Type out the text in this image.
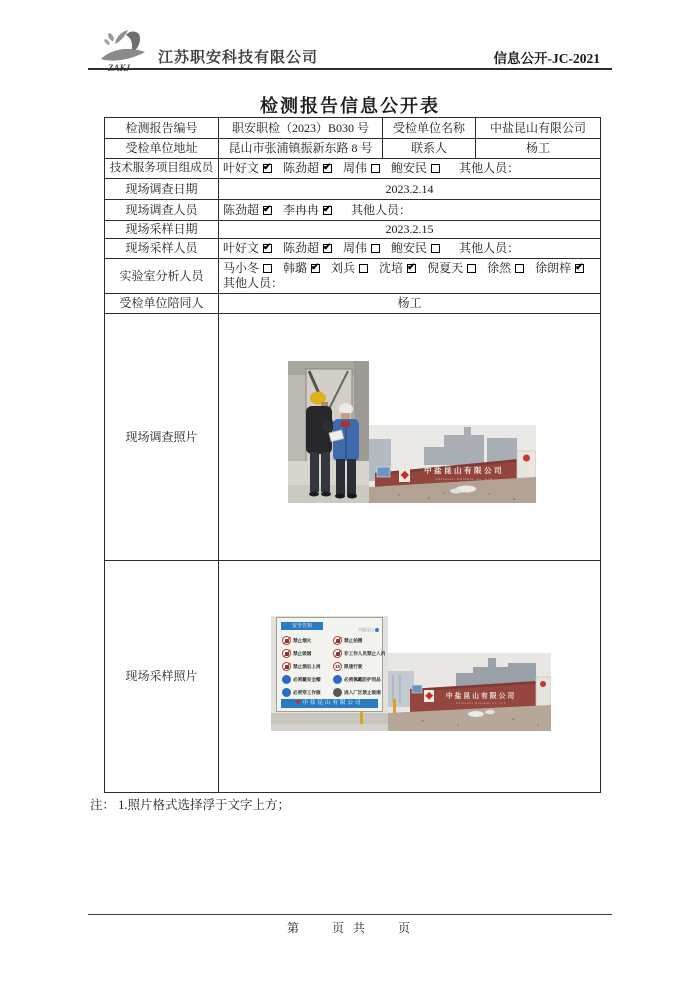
江苏职安科技有限公司	信息公开-JC-2021
检测报告信息公开表
检测报告编号	职安职检（2023）B030 号	受检单位名称	中盐昆山有限公司
受检单位地址	昆山市张浦镇振新东路 8 号	联系人	杨工
技术服务项目组成员	叶好文 ✔ 陈劲超 ✔ 周伟 鲍安民 其他人员：
现场调查日期	2023.2.14		
现场调查人员	陈劲超 ✔ 李冉冉 ✔ 其他人员：
现场采样日期	2023.2.15		
现场采样人员	叶好文 ✔ 陈劲超 ✔ 周伟 鲍安民 其他人员：
实验室分析人员	马小冬 韩璐 ✔ 刘兵 沈培 ✔ 倪夏天 徐然 徐朗梓✔
其他人员：

受检单位陪同人	杨工		
现场调查照片	中盐昆山有限公司
Chinasalt Kunshan Co.,Ltd		

现场采样照片	
安全告知
中盐昆山
禁止烟火
禁止吸烟
禁止酒后上岗
必须戴安全帽
必须穿工作服
禁止拍摄
非工作人员禁止入内
15 限速行驶
必须佩戴防护用品
进入厂区禁止吸烟
中盐昆山有限公司
中盐昆山有限公司
Chinasalt Kunshan Co.,Ltd
注： 1.照片格式选择浮于文字上方；
第　　页 共　　页
